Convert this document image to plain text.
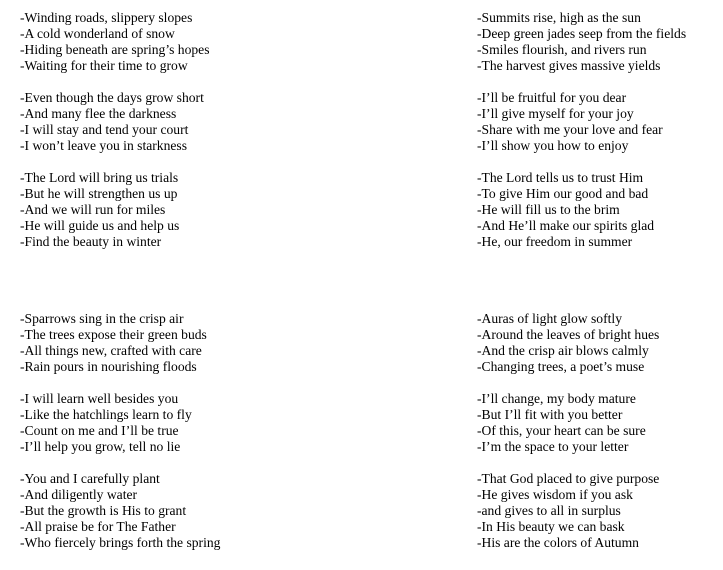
-Winding roads, slippery slopes
-A cold wonderland of snow
-Hiding beneath are spring’s hopes
-Waiting for their time to grow
-Even though the days grow short
-And many flee the darkness
-I will stay and tend your court
-I won’t leave you in starkness
-The Lord will bring us trials
-But he will strengthen us up
-And we will run for miles
-He will guide us and help us
-Find the beauty in winter
-Summits rise, high as the sun
-Deep green jades seep from the fields
-Smiles flourish, and rivers run
-The harvest gives massive yields
-I’ll be fruitful for you dear
-I’ll give myself for your joy
-Share with me your love and fear
-I’ll show you how to enjoy
-The Lord tells us to trust Him
-To give Him our good and bad
-He will fill us to the brim
-And He’ll make our spirits glad
-He, our freedom in summer
-Sparrows sing in the crisp air
-The trees expose their green buds
-All things new, crafted with care
-Rain pours in nourishing floods
-I will learn well besides you
-Like the hatchlings learn to fly
-Count on me and I’ll be true
-I’ll help you grow, tell no lie
-You and I carefully plant
-And diligently water
-But the growth is His to grant
-All praise be for The Father
-Who fiercely brings forth the spring
-Auras of light glow softly
-Around the leaves of bright hues
-And the crisp air blows calmly
-Changing trees, a poet’s muse
-I’ll change, my body mature
-But I’ll fit with you better
-Of this, your heart can be sure
-I’m the space to your letter
-That God placed to give purpose
-He gives wisdom if you ask
-and gives to all in surplus
-In His beauty we can bask
-His are the colors of Autumn
